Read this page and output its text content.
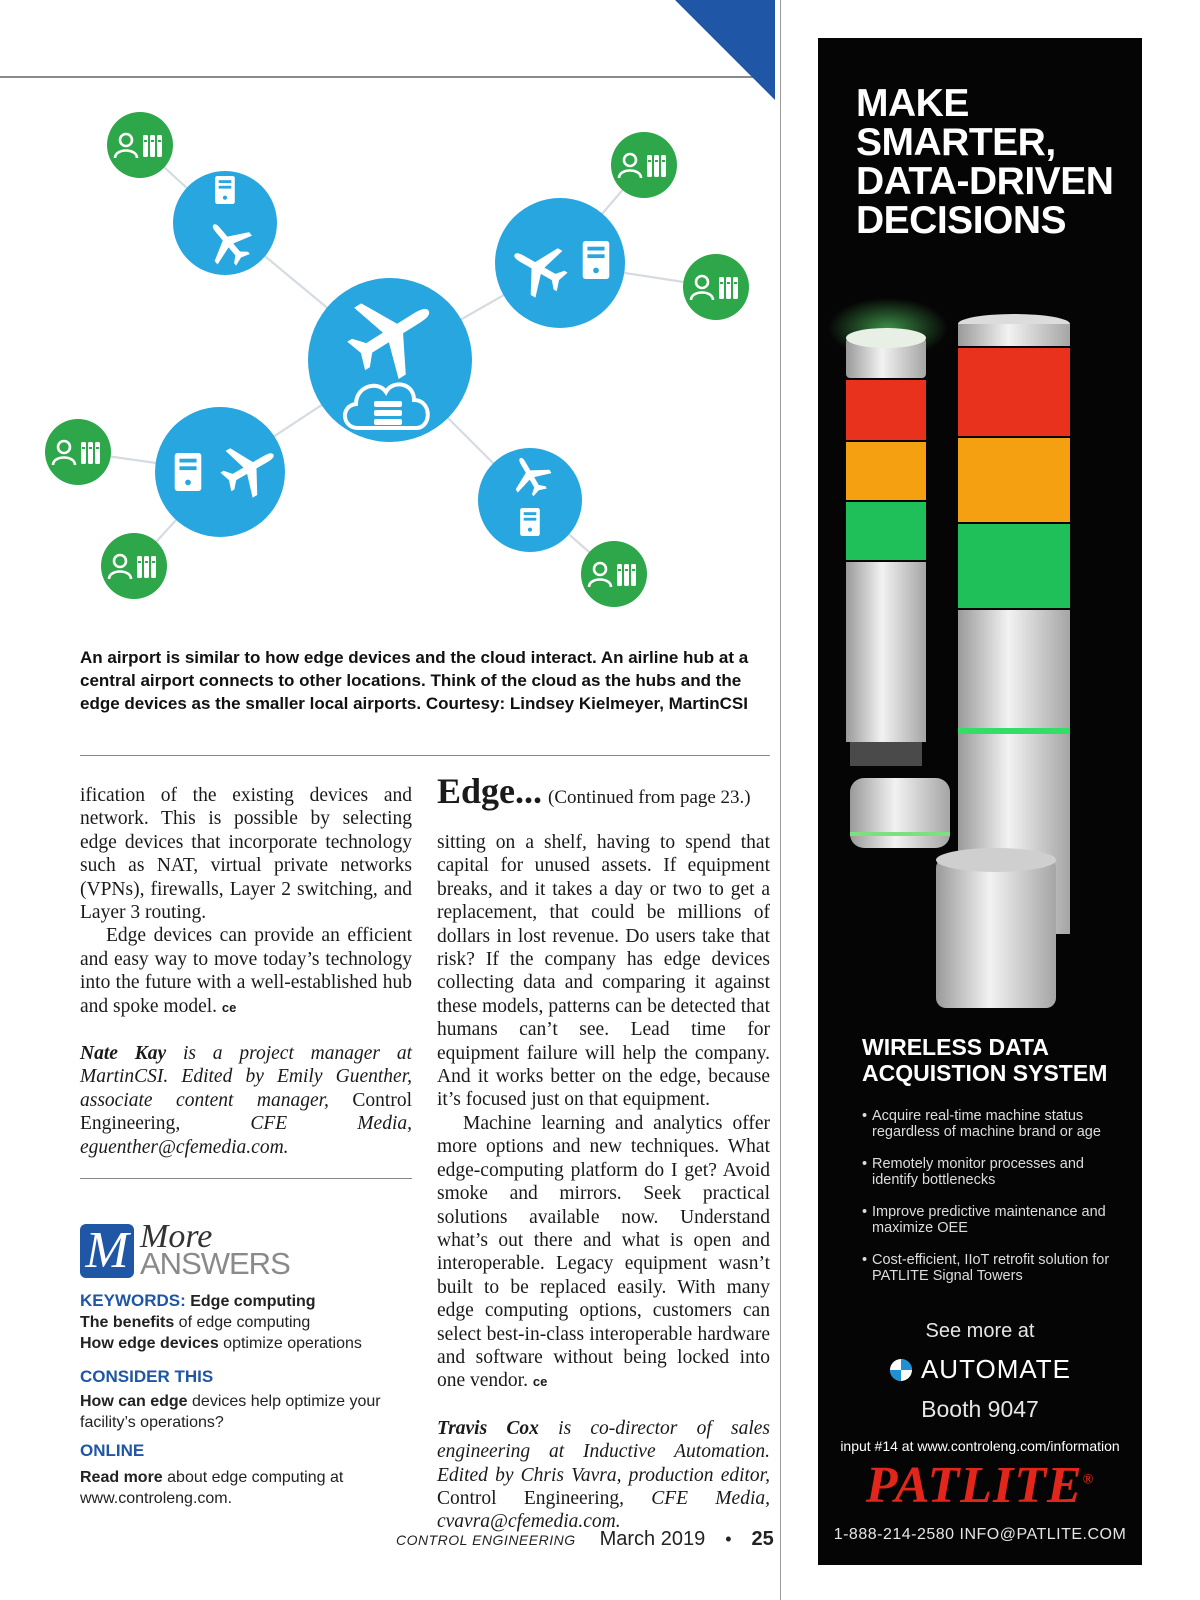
An airport is similar to how edge devices and the cloud interact. An airline hub at a central airport connects to other locations. Think of the cloud as the hubs and the edge devices as the smaller local airports. Courtesy: Lindsey Kielmeyer, MartinCSI

ification of the existing devices and network. This is possible by selecting edge devices that incorporate technology such as NAT, virtual private networks (VPNs), firewalls, Layer 2 switching, and Layer 3 routing.

Edge devices can provide an efficient and easy way to move today’s technology into the future with a well-established hub and spoke model. ce

Nate Kay is a project manager at MartinCSI. Edited by Emily Guenther, associate content manager, Control Engineering, CFE Media, eguenther@cfemedia.com.

M More
ANSWERS
KEYWORDS: Edge computing
The benefits of edge computing
How edge devices optimize operations
CONSIDER THIS
How can edge devices help optimize your facility’s operations?
ONLINE
Read more about edge computing at www.controleng.com.
Edge... (Continued from page 23.)

sitting on a shelf, having to spend that capital for unused assets. If equipment breaks, and it takes a day or two to get a replacement, that could be millions of dollars in lost revenue. Do users take that risk? If the company has edge devices collecting data and comparing it against these models, patterns can be detected that humans can’t see. Lead time for equipment failure will help the company. And it works better on the edge, because it’s focused just on that equipment.

Machine learning and analytics offer more options and new techniques. What edge-computing platform do I get? Avoid smoke and mirrors. Seek practical solutions available now. Understand what’s out there and what is open and interoperable. Legacy equipment wasn’t built to be replaced easily. With many edge computing options, customers can select best-in-class interoperable hardware and software without being locked into one vendor. ce

Travis Cox is co-director of sales engineering at Inductive Automation. Edited by Chris Vavra, production editor, Control Engineering, CFE Media, cvavra@cfemedia.com.

CONTROL ENGINEERING March 2019 • 25
MAKE
SMARTER,
DATA-DRIVEN
DECISIONS
WIRELESS DATA ACQUISTION SYSTEM
• Acquire real-time machine status regardless of machine brand or age
• Remotely monitor processes and identify bottlenecks
• Improve predictive maintenance and maximize OEE
• Cost-efficient, IIoT retrofit solution for PATLITE Signal Towers
See more at
AUTOMATE
Booth 9047
input #14 at www.controleng.com/information
PATLITE®
1-888-214-2580 INFO@PATLITE.COM
